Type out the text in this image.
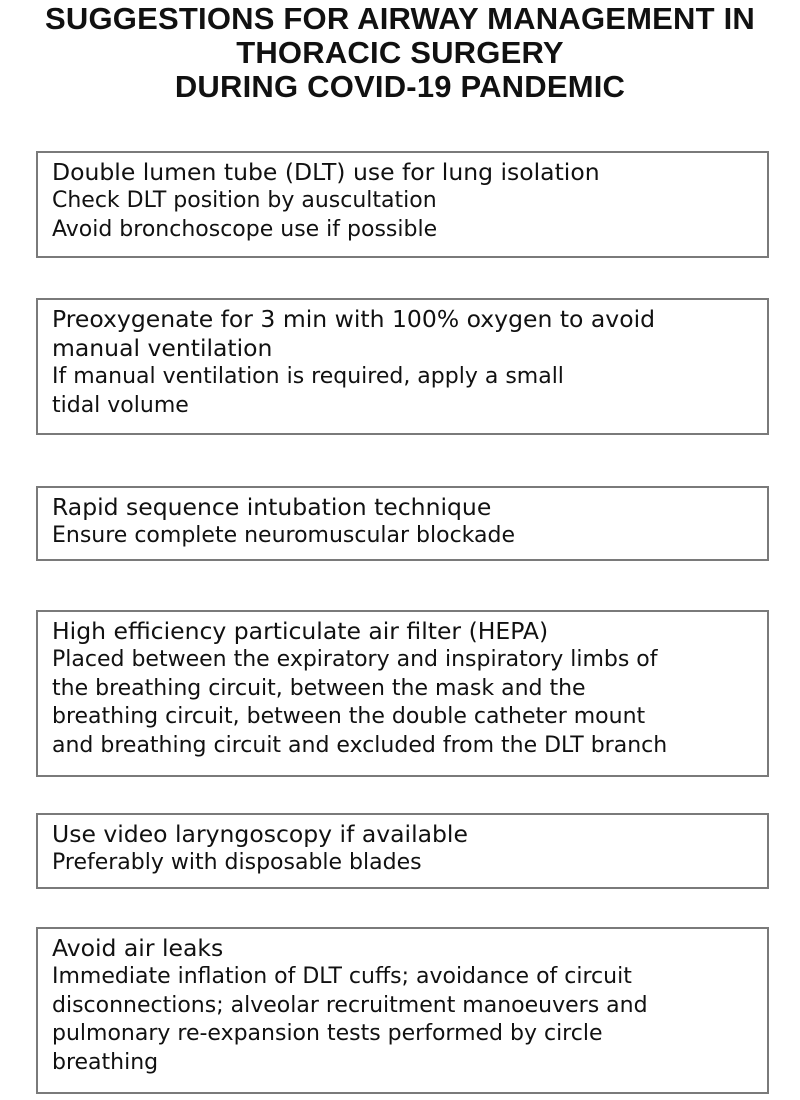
SUGGESTIONS FOR AIRWAY MANAGEMENT IN
THORACIC SURGERY
DURING COVID-19 PANDEMIC
Double lumen tube (DLT) use for lung isolation
Check DLT position by auscultation
Avoid bronchoscope use if possible
Preoxygenate for 3 min with 100% oxygen to avoid
manual ventilation
If manual ventilation is required, apply a small
tidal volume
Rapid sequence intubation technique
Ensure complete neuromuscular blockade
High efficiency particulate air filter (HEPA)
Placed between the expiratory and inspiratory limbs of
the breathing circuit, between the mask and the
breathing circuit, between the double catheter mount
and breathing circuit and excluded from the DLT branch
Use video laryngoscopy if available
Preferably with disposable blades
Avoid air leaks
Immediate inflation of DLT cuffs; avoidance of circuit
disconnections; alveolar recruitment manoeuvers and
pulmonary re-expansion tests performed by circle
breathing
